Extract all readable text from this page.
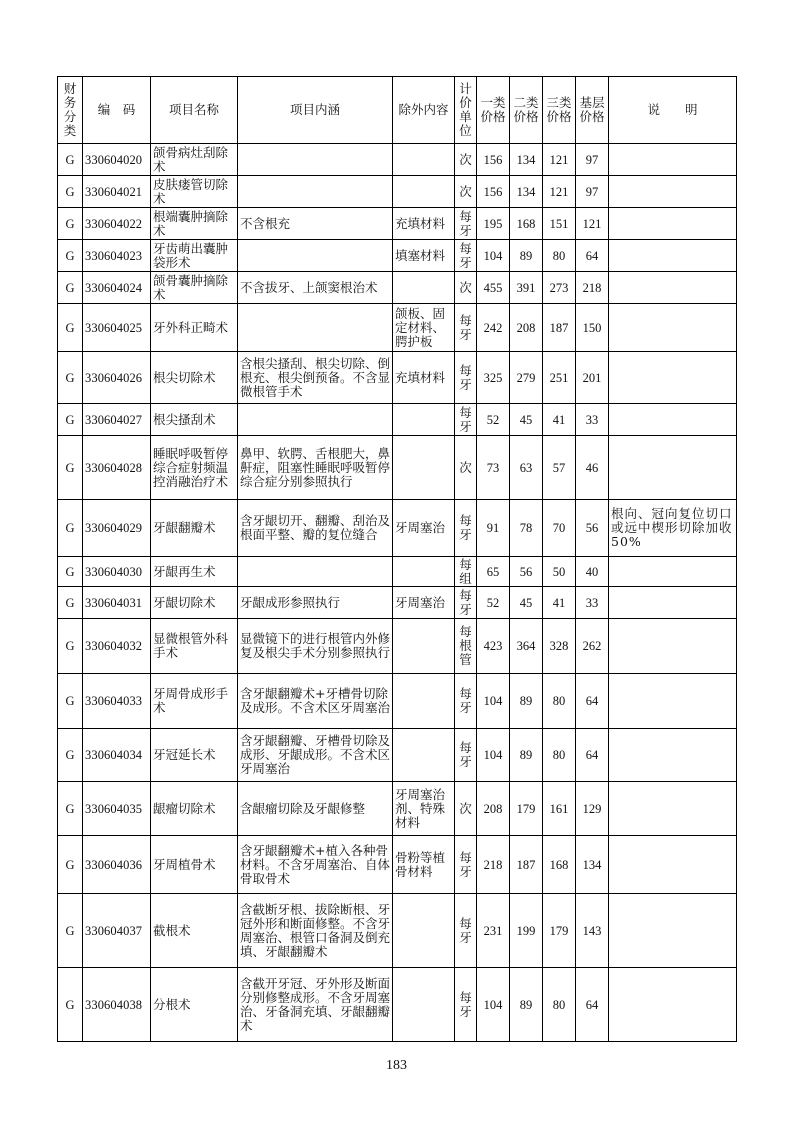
财务分类	编　码	项目名称	项目内涵	除外内容	计价单位	一类价格	二类价格	三类价格	基层价格	说　　明
G	330604020	颌骨病灶刮除术			次	156	134	121	97	
G	330604021	皮肤瘘管切除术			次	156	134	121	97	
G	330604022	根端囊肿摘除术	不含根充	充填材料	每牙	195	168	151	121	
G	330604023	牙齿萌出囊肿袋形术		填塞材料	每牙	104	89	80	64	
G	330604024	颌骨囊肿摘除术	不含拔牙、上颌窦根治术		次	455	391	273	218	
G	330604025	牙外科正畸术		颌板、固定材料、腭护板	每牙	242	208	187	150	
G	330604026	根尖切除术	含根尖搔刮、根尖切除、倒根充、根尖倒预备。不含显微根管手术	充填材料	每牙	325	279	251	201	
G	330604027	根尖搔刮术			每牙	52	45	41	33	
G	330604028	睡眠呼吸暂停综合症射频温控消融治疗术	鼻甲、软腭、舌根肥大，鼻鼾症，阻塞性睡眠呼吸暂停综合症分别参照执行		次	73	63	57	46	
G	330604029	牙龈翻瓣术	含牙龈切开、翻瓣、刮治及根面平整、瓣的复位缝合	牙周塞治	每牙	91	78	70	56	根向、冠向复位切口或远中楔形切除加收50%
G	330604030	牙龈再生术			每组	65	56	50	40	
G	330604031	牙龈切除术	牙龈成形参照执行	牙周塞治	每牙	52	45	41	33	
G	330604032	显微根管外科手术	显微镜下的进行根管内外修复及根尖手术分别参照执行		每根管	423	364	328	262	
G	330604033	牙周骨成形手术	含牙龈翻瓣术+牙槽骨切除及成形。不含术区牙周塞治		每牙	104	89	80	64	
G	330604034	牙冠延长术	含牙龈翻瓣、牙槽骨切除及成形、牙龈成形。不含术区牙周塞治		每牙	104	89	80	64	
G	330604035	龈瘤切除术	含龈瘤切除及牙龈修整	牙周塞治剂、特殊材料	次	208	179	161	129	
G	330604036	牙周植骨术	含牙龈翻瓣术+植入各种骨材料。不含牙周塞治、自体骨取骨术	骨粉等植骨材料	每牙	218	187	168	134	
G	330604037	截根术	含截断牙根、拔除断根、牙冠外形和断面修整。不含牙周塞治、根管口备洞及倒充填、牙龈翻瓣术		每牙	231	199	179	143	
G	330604038	分根术	含截开牙冠、牙外形及断面分别修整成形。不含牙周塞治、牙备洞充填、牙龈翻瓣术		每牙	104	89	80	64	
183
